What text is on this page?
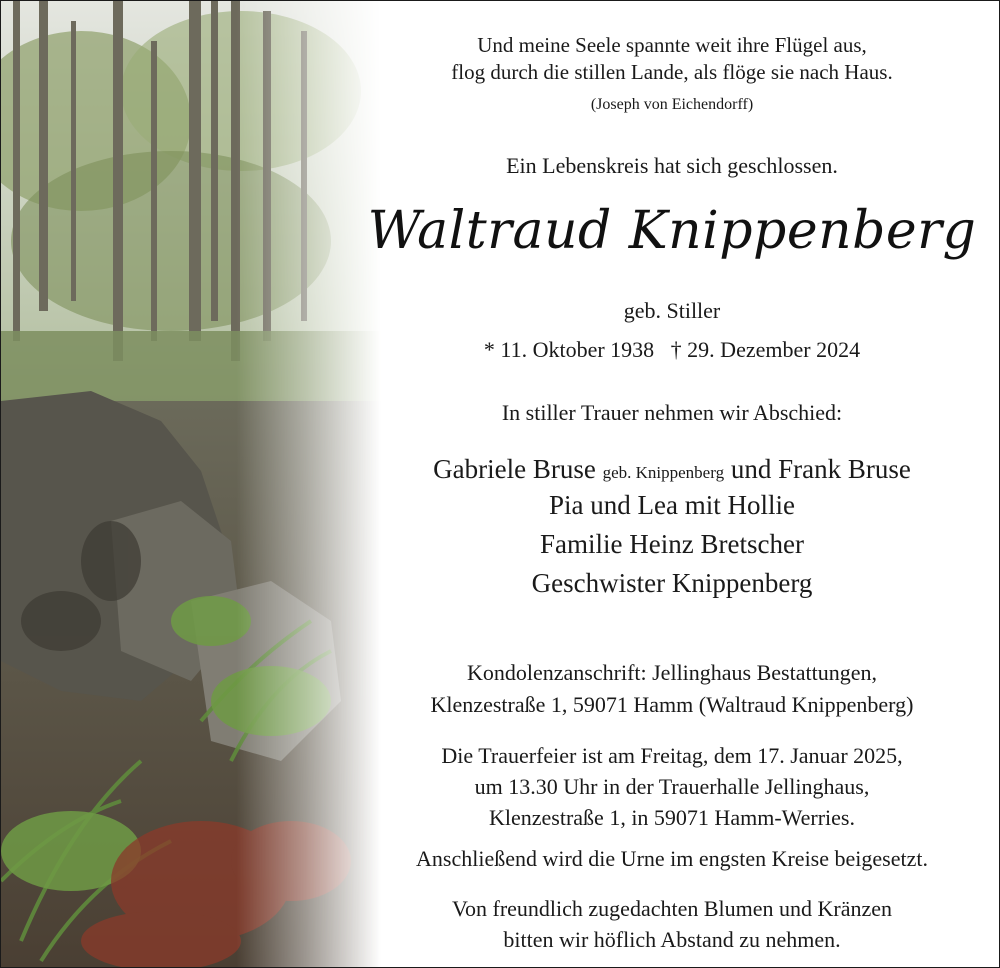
Und meine Seele spannte weit ihre Flügel aus,
flog durch die stillen Lande, als flöge sie nach Haus.
(Joseph von Eichendorff)
Ein Lebenskreis hat sich geschlossen.
Waltraud Knippenberg
geb. Stiller
* 11. Oktober 1938   † 29. Dezember 2024
In stiller Trauer nehmen wir Abschied:
Gabriele Bruse geb. Knippenberg und Frank Bruse
Pia und Lea mit Hollie
Familie Heinz Bretscher
Geschwister Knippenberg
Kondolenzanschrift: Jellinghaus Bestattungen,
Klenzestraße 1, 59071 Hamm (Waltraud Knippenberg)
Die Trauerfeier ist am Freitag, dem 17. Januar 2025,
um 13.30 Uhr in der Trauerhalle Jellinghaus,
Klenzestraße 1, in 59071 Hamm-Werries.
Anschließend wird die Urne im engsten Kreise beigesetzt.
Von freundlich zugedachten Blumen und Kränzen
bitten wir höflich Abstand zu nehmen.
